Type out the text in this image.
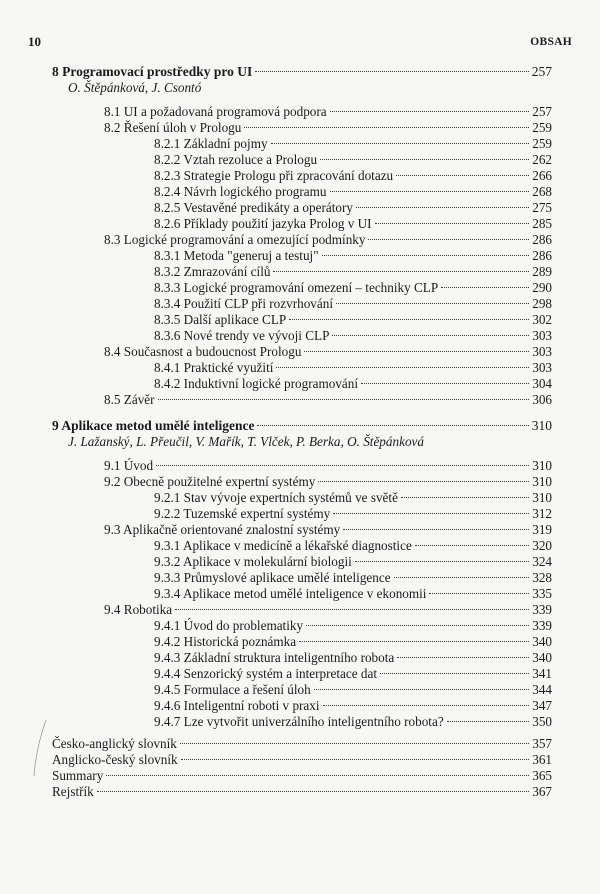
10	OBSAH
8 Programovací prostředky pro UI	257
O. Štěpánková, J. Csontó
8.1 UI a požadovaná programová podpora	257
8.2 Řešení úloh v Prologu	259
8.2.1 Základní pojmy	259
8.2.2 Vztah rezoluce a Prologu	262
8.2.3 Strategie Prologu při zpracování dotazu	266
8.2.4 Návrh logického programu	268
8.2.5 Vestavěné predikáty a operátory	275
8.2.6 Příklady použití jazyka Prolog v UI	285
8.3 Logické programování a omezující podmínky	286
8.3.1 Metoda "generuj a testuj"	286
8.3.2 Zmrazování cílů	289
8.3.3 Logické programování omezení – techniky CLP	290
8.3.4 Použití CLP při rozvrhování	298
8.3.5 Další aplikace CLP	302
8.3.6 Nové trendy ve vývoji CLP	303
8.4 Současnost a budoucnost Prologu	303
8.4.1 Praktické využití	303
8.4.2 Induktivní logické programování	304
8.5 Závěr	306
9 Aplikace metod umělé inteligence	310
J. Lažanský, L. Přeučil, V. Mařík, T. Vlček, P. Berka, O. Štěpánková
9.1 Úvod	310
9.2 Obecně použitelné expertní systémy	310
9.2.1 Stav vývoje expertních systémů ve světě	310
9.2.2 Tuzemské expertní systémy	312
9.3 Aplikačně orientované znalostní systémy	319
9.3.1 Aplikace v medicíně a lékařské diagnostice	320
9.3.2 Aplikace v molekulární biologii	324
9.3.3 Průmyslové aplikace umělé inteligence	328
9.3.4 Aplikace metod umělé inteligence v ekonomii	335
9.4 Robotika	339
9.4.1 Úvod do problematiky	339
9.4.2 Historická poznámka	340
9.4.3 Základní struktura inteligentního robota	340
9.4.4 Senzorický systém a interpretace dat	341
9.4.5 Formulace a řešení úloh	344
9.4.6 Inteligentní roboti v praxi	347
9.4.7 Lze vytvořit univerzálního inteligentního robota?	350
Česko-anglický slovník	357
Anglicko-český slovník	361
Summary	365
Rejstřík	367
